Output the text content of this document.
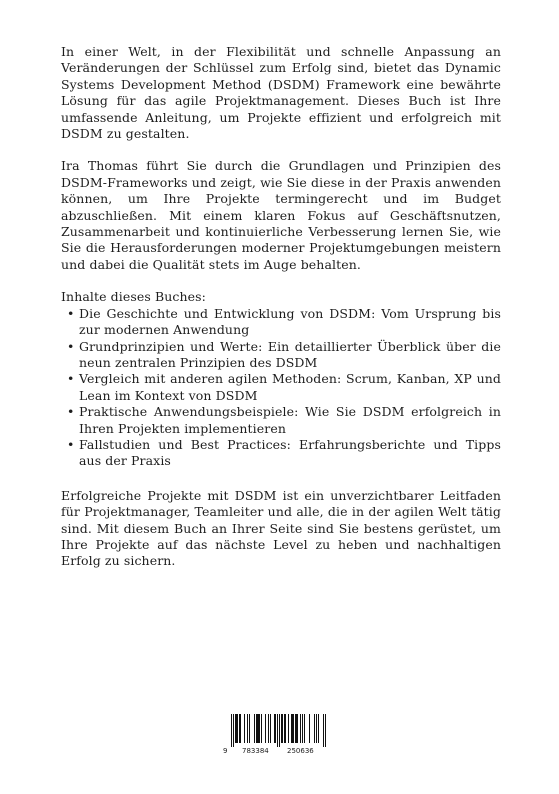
In einer Welt, in der Flexibilität und schnelle Anpassung an Veränderungen der Schlüssel zum Erfolg sind, bietet das Dynamic Systems Development Method (DSDM) Framework eine bewährte Lösung für das agile Projektmanagement. Dieses Buch ist Ihre umfassende Anleitung, um Projekte effizient und erfolgreich mit DSDM zu gestalten.

Ira Thomas führt Sie durch die Grundlagen und Prinzipien des DSDM-Frameworks und zeigt, wie Sie diese in der Praxis anwenden können, um Ihre Projekte termingerecht und im Budget abzuschließen. Mit einem klaren Fokus auf Geschäftsnutzen, Zusammenarbeit und kontinuierliche Verbesserung lernen Sie, wie Sie die Herausforderungen moderner Projektumgebungen meistern und dabei die Qualität stets im Auge behalten.

Inhalte dieses Buches:

• Die Geschichte und Entwicklung von DSDM: Vom Ursprung bis zur modernen Anwendung
• Grundprinzipien und Werte: Ein detaillierter Überblick über die neun zentralen Prinzipien des DSDM
• Vergleich mit anderen agilen Methoden: Scrum, Kanban, XP und Lean im Kontext von DSDM
• Praktische Anwendungsbeispiele: Wie Sie DSDM erfolgreich in Ihren Projekten implementieren
• Fallstudien und Best Practices: Erfahrungsberichte und Tipps aus der Praxis

Erfolgreiche Projekte mit DSDM ist ein unverzichtbarer Leitfaden für Projektmanager, Teamleiter und alle, die in der agilen Welt tätig sind. Mit diesem Buch an Ihrer Seite sind Sie bestens gerüstet, um Ihre Projekte auf das nächste Level zu heben und nachhaltigen Erfolg zu sichern.

9 783384	250636
